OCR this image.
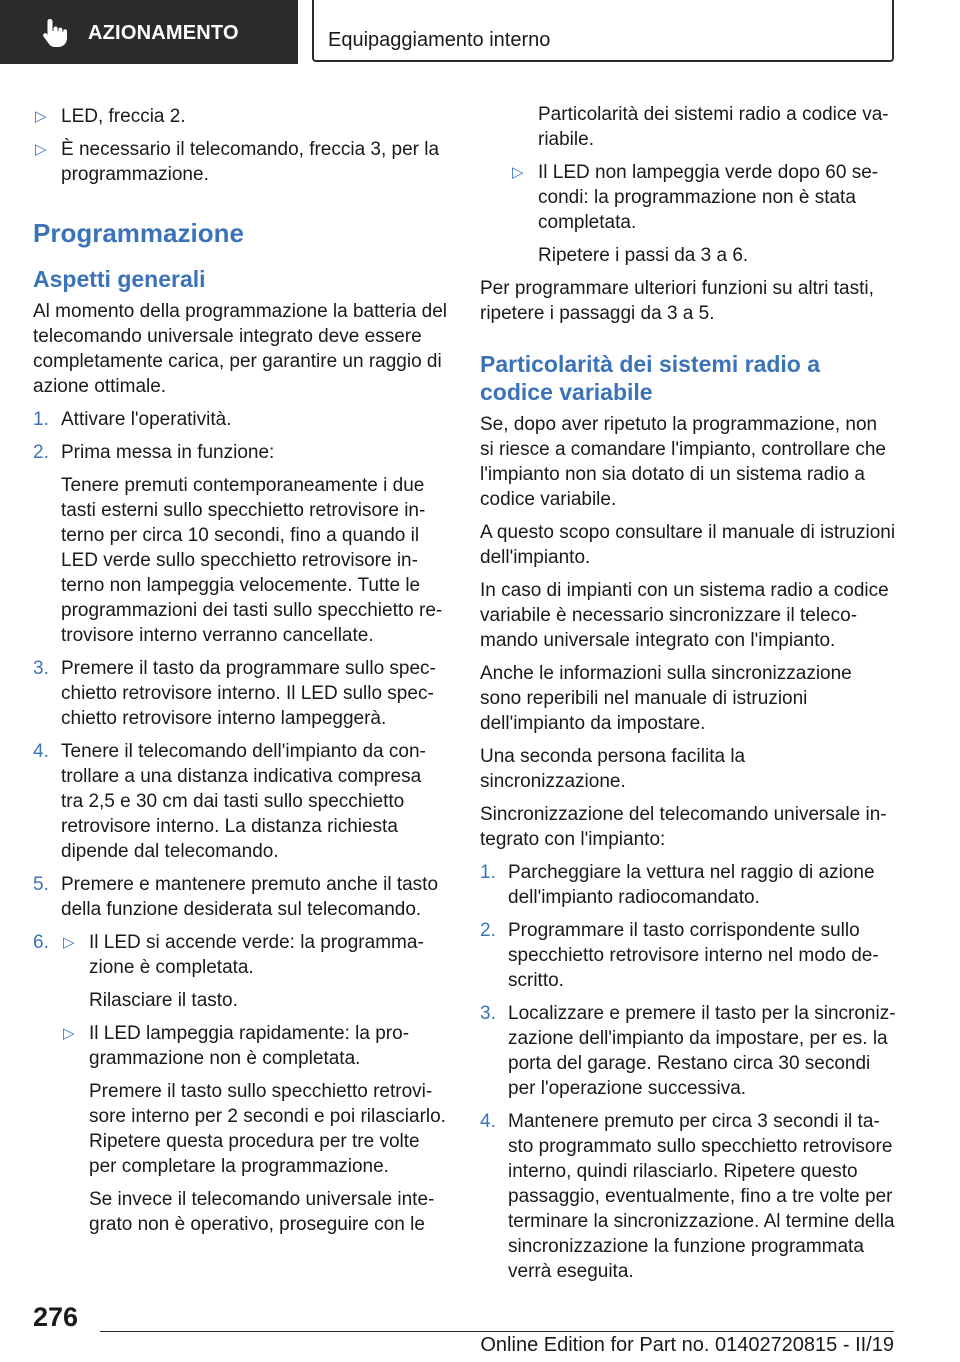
AZIONAMENTO	Equipaggiamento interno
▷ LED, freccia 2.
▷ È necessario il telecomando, freccia 3, per la programmazione.
Programmazione
Aspetti generali

Al momento della programmazione la batteria del telecomando universale integrato deve essere completamente carica, per garantire un raggio di azione ottimale.

1. Attivare l'operatività.
2. Prima messa in funzione:
Tenere premuti contemporaneamente i due tasti esterni sullo specchietto retrovisore interno per circa 10 secondi, fino a quando il LED verde sullo specchietto retrovisore interno non lampeggia velocemente. Tutte le programmazioni dei tasti sullo specchietto retrovisore interno verranno cancellate.
3. Premere il tasto da programmare sullo specchietto retrovisore interno. Il LED sullo specchietto retrovisore interno lampeggerà.
4. Tenere il telecomando dell'impianto da controllare a una distanza indicativa compresa tra 2,5 e 30 cm dai tasti sullo specchietto retrovisore interno. La distanza richiesta dipende dal telecomando.
5. Premere e mantenere premuto anche il tasto della funzione desiderata sul telecomando.
6. ▷ Il LED si accende verde: la programmazione è completata.
Rilasciare il tasto.
▷ Il LED lampeggia rapidamente: la programmazione non è completata.
Premere il tasto sullo specchietto retrovisore interno per 2 secondi e poi rilasciarlo. Ripetere questa procedura per tre volte per completare la programmazione.
Se invece il telecomando universale integrato non è operativo, proseguire con le
Particolarità dei sistemi radio a codice variabile.
▷ Il LED non lampeggia verde dopo 60 secondi: la programmazione non è stata completata.
Ripetere i passi da 3 a 6.

Per programmare ulteriori funzioni su altri tasti, ripetere i passaggi da 3 a 5.

Particolarità dei sistemi radio a codice variabile

Se, dopo aver ripetuto la programmazione, non si riesce a comandare l'impianto, controllare che l'impianto non sia dotato di un sistema radio a codice variabile.

A questo scopo consultare il manuale di istruzioni dell'impianto.

In caso di impianti con un sistema radio a codice variabile è necessario sincronizzare il telecomando universale integrato con l'impianto.

Anche le informazioni sulla sincronizzazione sono reperibili nel manuale di istruzioni dell'impianto da impostare.

Una seconda persona facilita la sincronizzazione.

Sincronizzazione del telecomando universale integrato con l'impianto:

1. Parcheggiare la vettura nel raggio di azione dell'impianto radiocomandato.
2. Programmare il tasto corrispondente sullo specchietto retrovisore interno nel modo descritto.
3. Localizzare e premere il tasto per la sincronizzazione dell'impianto da impostare, per es. la porta del garage. Restano circa 30 secondi per l'operazione successiva.
4. Mantenere premuto per circa 3 secondi il tasto programmato sullo specchietto retrovisore interno, quindi rilasciarlo. Ripetere questo passaggio, eventualmente, fino a tre volte per terminare la sincronizzazione. Al termine della sincronizzazione la funzione programmata verrà eseguita.
276
Online Edition for Part no. 01402720815 - II/19
